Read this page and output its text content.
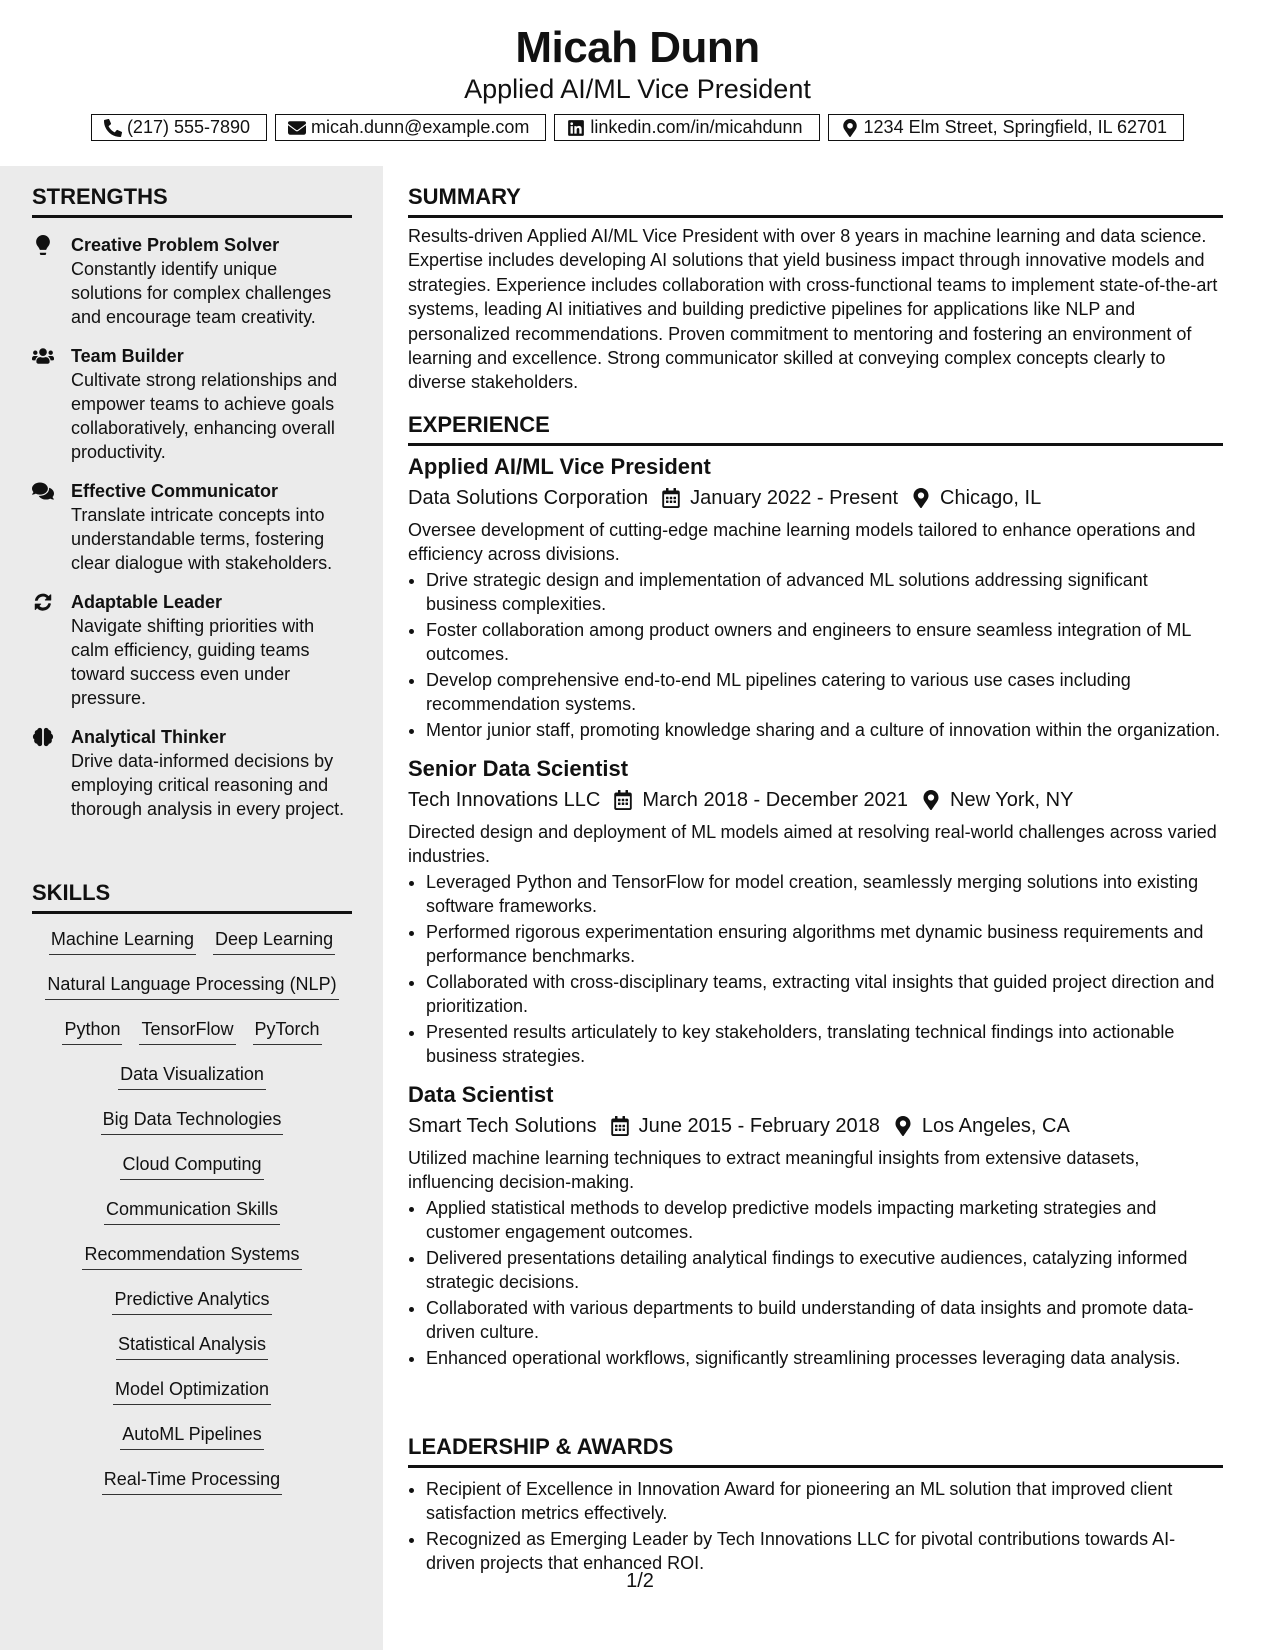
Micah Dunn
Applied AI/ML Vice President
(217) 555-7890	micah.dunn@example.com	linkedin.com/in/micahdunn	1234 Elm Street, Springfield, IL 62701
STRENGTHS
Creative Problem Solver
Constantly identify unique solutions for complex challenges and encourage team creativity.
Team Builder
Cultivate strong relationships and empower teams to achieve goals collaboratively, enhancing overall productivity.
Effective Communicator
Translate intricate concepts into understandable terms, fostering clear dialogue with stakeholders.
Adaptable Leader
Navigate shifting priorities with calm efficiency, guiding teams toward success even under pressure.
Analytical Thinker
Drive data-informed decisions by employing critical reasoning and thorough analysis in every project.
SKILLS
Machine Learning Deep Learning
Natural Language Processing (NLP)
Python TensorFlow PyTorch
Data Visualization
Big Data Technologies
Cloud Computing
Communication Skills
Recommendation Systems
Predictive Analytics
Statistical Analysis
Model Optimization
AutoML Pipelines
Real-Time Processing
SUMMARY
Results-driven Applied AI/ML Vice President with over 8 years in machine learning and data science. Expertise includes developing AI solutions that yield business impact through innovative models and strategies. Experience includes collaboration with cross-functional teams to implement state-of-the-art systems, leading AI initiatives and building predictive pipelines for applications like NLP and personalized recommendations. Proven commitment to mentoring and fostering an environment of learning and excellence. Strong communicator skilled at conveying complex concepts clearly to diverse stakeholders.
EXPERIENCE
Applied AI/ML Vice President
Data Solutions Corporation January 2022 - Present Chicago, IL
Oversee development of cutting-edge machine learning models tailored to enhance operations and efficiency across divisions.
• Drive strategic design and implementation of advanced ML solutions addressing significant business complexities.
• Foster collaboration among product owners and engineers to ensure seamless integration of ML outcomes.
• Develop comprehensive end-to-end ML pipelines catering to various use cases including recommendation systems.
• Mentor junior staff, promoting knowledge sharing and a culture of innovation within the organization.
Senior Data Scientist
Tech Innovations LLC March 2018 - December 2021 New York, NY
Directed design and deployment of ML models aimed at resolving real-world challenges across varied industries.
• Leveraged Python and TensorFlow for model creation, seamlessly merging solutions into existing software frameworks.
• Performed rigorous experimentation ensuring algorithms met dynamic business requirements and performance benchmarks.
• Collaborated with cross-disciplinary teams, extracting vital insights that guided project direction and prioritization.
• Presented results articulately to key stakeholders, translating technical findings into actionable business strategies.
Data Scientist
Smart Tech Solutions June 2015 - February 2018 Los Angeles, CA
Utilized machine learning techniques to extract meaningful insights from extensive datasets, influencing decision-making.
• Applied statistical methods to develop predictive models impacting marketing strategies and customer engagement outcomes.
• Delivered presentations detailing analytical findings to executive audiences, catalyzing informed strategic decisions.
• Collaborated with various departments to build understanding of data insights and promote data-driven culture.
• Enhanced operational workflows, significantly streamlining processes leveraging data analysis.
LEADERSHIP & AWARDS
• Recipient of Excellence in Innovation Award for pioneering an ML solution that improved client satisfaction metrics effectively.
• Recognized as Emerging Leader by Tech Innovations LLC for pivotal contributions towards AI-driven projects that enhanced ROI.
1/2
